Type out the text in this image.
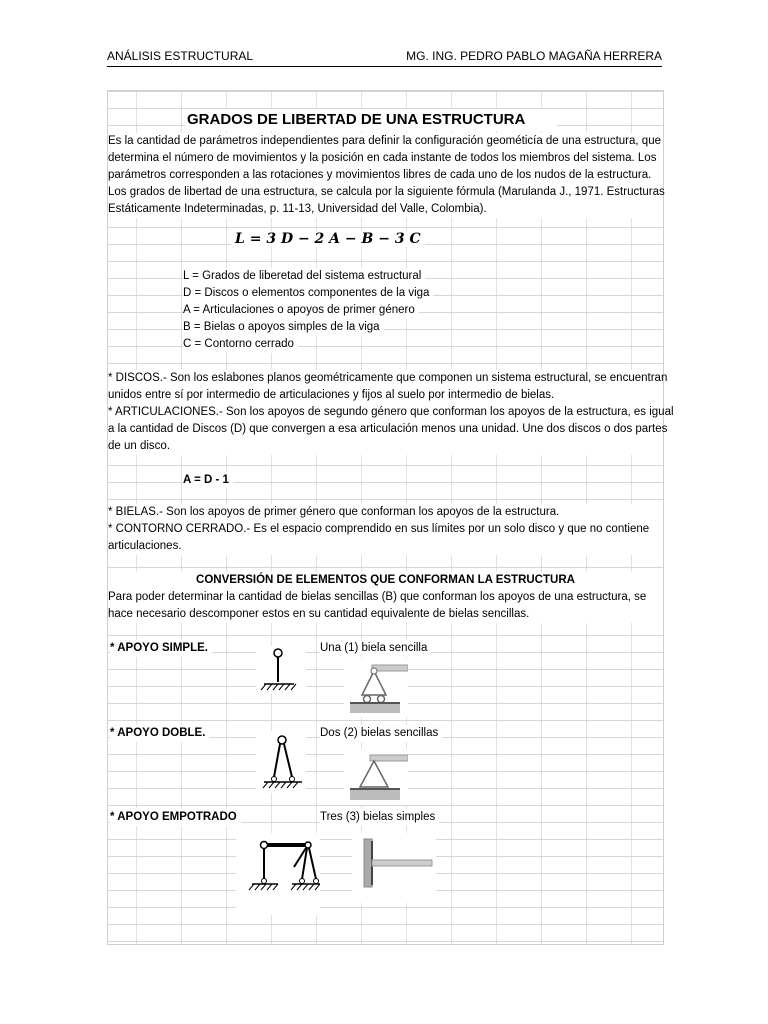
ANÁLISIS ESTRUCTURAL	MG. ING. PEDRO PABLO MAGAÑA HERRERA
GRADOS DE LIBERTAD DE UNA ESTRUCTURA
Es la cantidad de parámetros independientes para definir la configuración geométicía de una estructura, que
determina el número de movimientos y la posición en cada instante de todos los miembros del sistema. Los
parámetros corresponden a las rotaciones y movimientos libres de cada uno de los nudos de la estructura.
Los grados de libertad de una estructura, se calcula por la siguiente fórmula (Marulanda J., 1971. Estructuras
Estáticamente Indeterminadas, p. 11-13, Universidad del Valle, Colombia).
L = 3 D − 2 A − B − 3 C
L = Grados de liberetad del sistema estructural
D = Discos o elementos componentes de la viga
A = Articulaciones o apoyos de primer género
B = Bielas o apoyos simples de la viga
C = Contorno cerrado
* DISCOS.- Son los eslabones planos geométricamente que componen un sistema estructural, se encuentran
unidos entre sí por intermedio de articulaciones y fijos al suelo por intermedio de bielas.
* ARTICULACIONES.- Son los apoyos de segundo género que conforman los apoyos de la estructura, es igual
a la cantidad de Discos (D) que convergen a esa articulación menos una unidad. Une dos discos o dos partes
de un disco.
A = D - 1
* BIELAS.- Son los apoyos de primer género que conforman los apoyos de la estructura.
* CONTORNO CERRADO.- Es el espacio comprendido en sus límites por un solo disco y que no contiene
articulaciones.
CONVERSIÓN DE ELEMENTOS QUE CONFORMAN LA ESTRUCTURA
Para poder determinar la cantidad de bielas sencillas (B) que conforman los apoyos de una estructura, se
hace necesario descomponer estos en su cantidad equivalente de bielas sencillas.
* APOYO SIMPLE.	Una (1) biela sencilla
* APOYO DOBLE.	Dos (2) bielas sencillas
* APOYO EMPOTRADO	Tres (3) bielas simples
